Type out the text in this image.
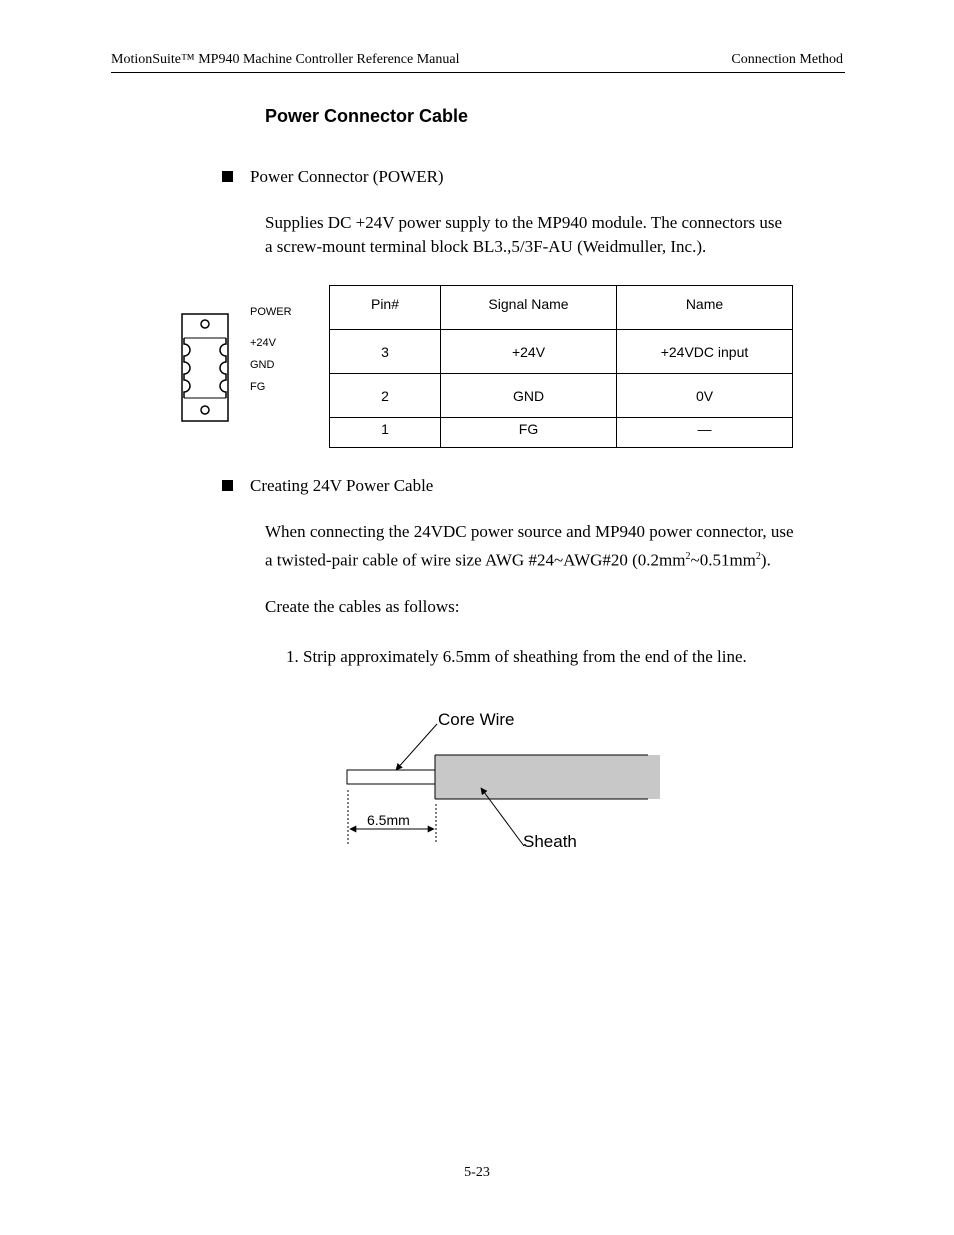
MotionSuite™ MP940 Machine Controller Reference Manual	Connection Method
Power Connector Cable
Power Connector (POWER)
Supplies DC +24V power supply to the MP940 module. The connectors use
a screw-mount terminal block BL3.,5/3F-AU (Weidmuller, Inc.).
POWER
+24V
GND
FG
Pin#	Signal Name	Name
3	+24V	+24VDC input
2	GND	0V
1	FG	—
Creating 24V Power Cable
When connecting the 24VDC power source and MP940 power connector, use
a twisted-pair cable of wire size AWG #24~AWG#20 $(0.2mm^2\sim 0.51mm^2)$.
Create the cables as follows:
1. Strip approximately 6.5mm of sheathing from the end of the line.
Core Wire
Sheath
6.5mm
5-23
